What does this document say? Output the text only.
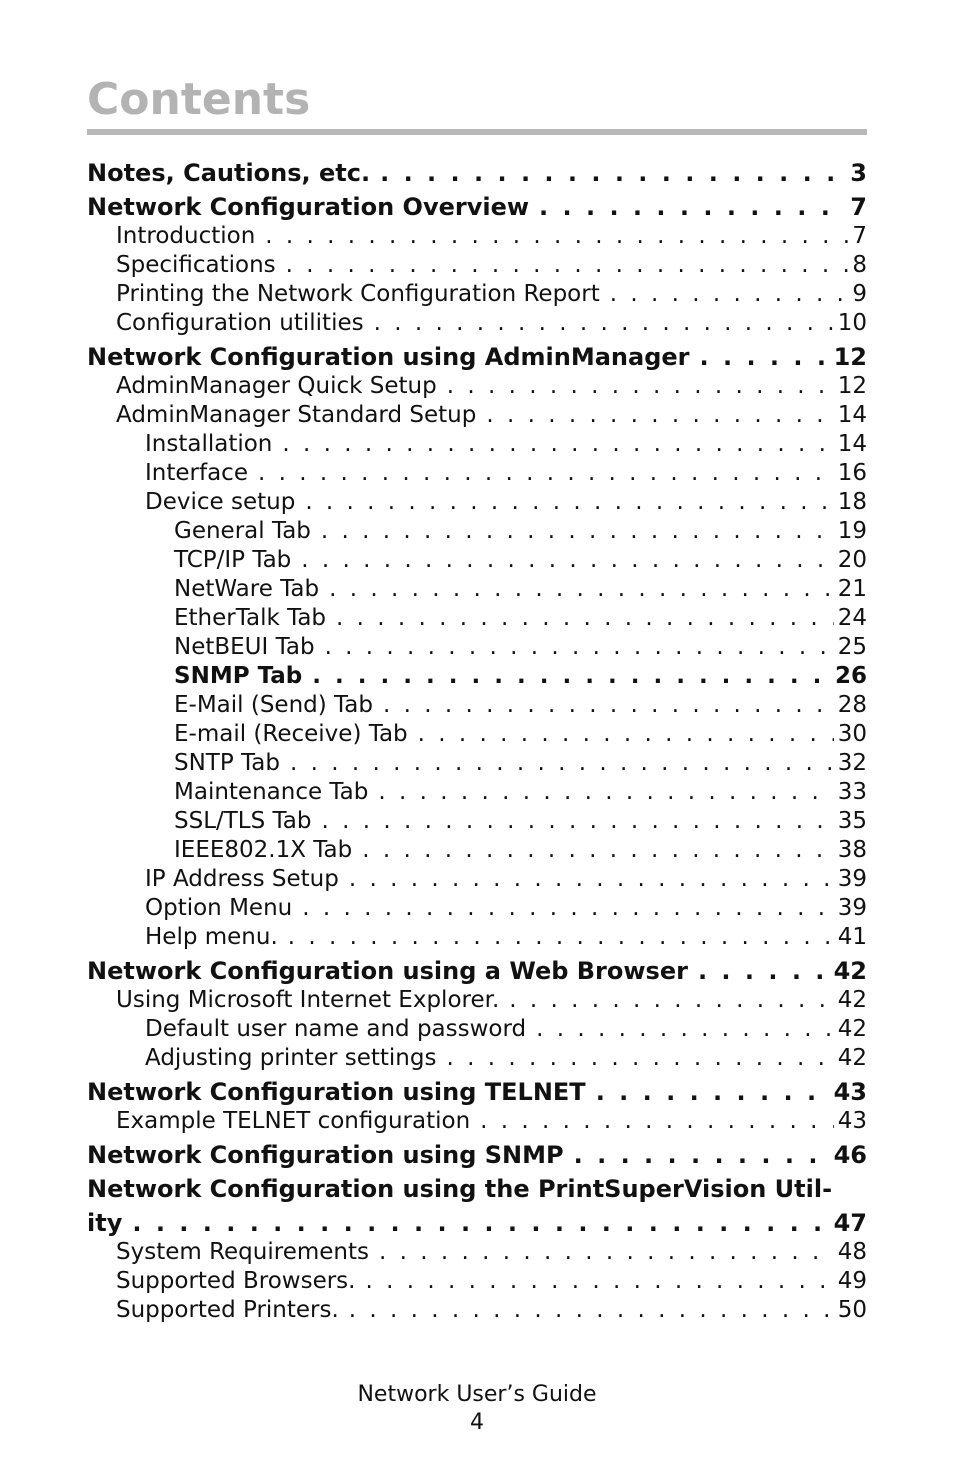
Contents
Notes, Cautions, etc. . . .	3
Network Configuration Overview . . .	7
Introduction . . .	7
Specifications . . .	8
Printing the Network Configuration Report . . .	9
Configuration utilities . . .	10
Network Configuration using AdminManager . . .	12
AdminManager Quick Setup . . .	12
AdminManager Standard Setup . . .	14
Installation . . .	14
Interface . . .	16
Device setup . . .	18
General Tab . . .	19
TCP/IP Tab . . .	20
NetWare Tab . . .	21
EtherTalk Tab . . .	24
NetBEUI Tab . . .	25
SNMP Tab . . .	26
E-Mail (Send) Tab . . .	28
E-mail (Receive) Tab . . .	30
SNTP Tab . . .	32
Maintenance Tab . . .	33
SSL/TLS Tab . . .	35
IEEE802.1X Tab . . .	38
IP Address Setup . . .	39
Option Menu . . .	39
Help menu. . . .	41
Network Configuration using a Web Browser . . .	42
Using Microsoft Internet Explorer. . . .	42
Default user name and password . . .	42
Adjusting printer settings . . .	42
Network Configuration using TELNET . . .	43
Example TELNET configuration . . .	43
Network Configuration using SNMP . . .	46
Network Configuration using the PrintSuperVision Util-
ity . . .	47
System Requirements . . .	48
Supported Browsers. . . .	49
Supported Printers. . . .	50
Network User’s Guide
4
